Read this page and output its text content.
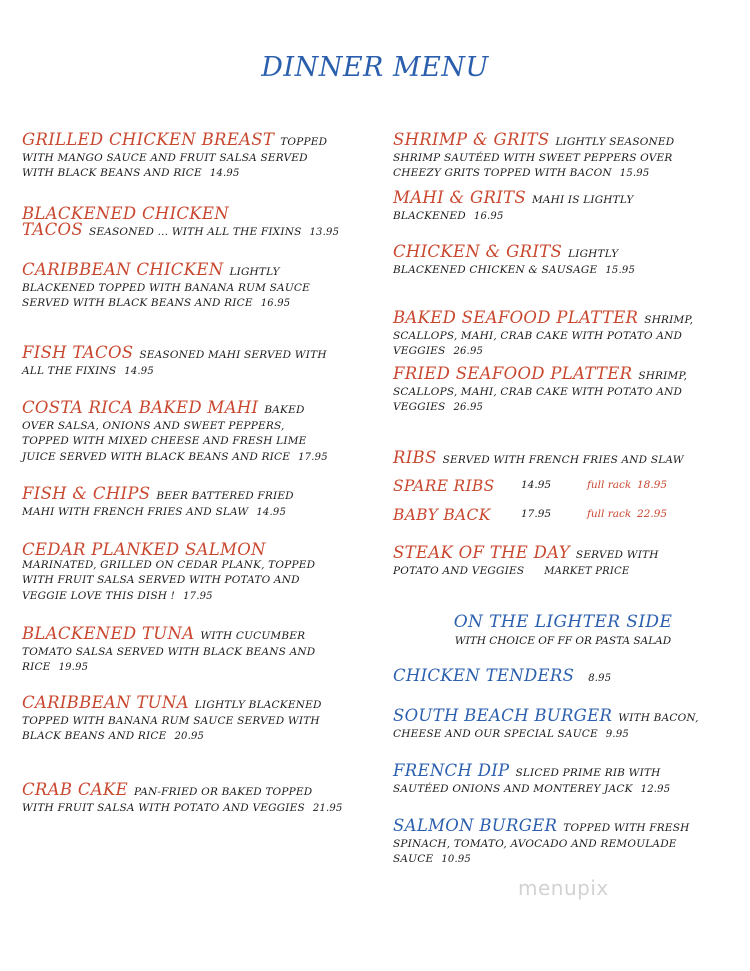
DINNER MENU
GRILLED CHICKEN BREAST TOPPED
WITH MANGO SAUCE AND FRUIT SALSA SERVED
WITH BLACK BEANS AND RICE 14.95
BLACKENED CHICKEN TACOS SEASONED ... WITH ALL THE FIXINS 13.95
CARIBBEAN CHICKEN LIGHTLY
BLACKENED TOPPED WITH BANANA RUM SAUCE
SERVED WITH BLACK BEANS AND RICE 16.95
FISH TACOS SEASONED MAHI SERVED WITH
ALL THE FIXINS 14.95
COSTA RICA BAKED MAHI BAKED
OVER SALSA, ONIONS AND SWEET PEPPERS,
TOPPED WITH MIXED CHEESE AND FRESH LIME
JUICE SERVED WITH BLACK BEANS AND RICE 17.95
FISH & CHIPS BEER BATTERED FRIED
MAHI WITH FRENCH FRIES AND SLAW 14.95
CEDAR PLANKED SALMON
MARINATED, GRILLED ON CEDAR PLANK, TOPPED
WITH FRUIT SALSA SERVED WITH POTATO AND
VEGGIE LOVE THIS DISH ! 17.95
BLACKENED TUNA WITH CUCUMBER
TOMATO SALSA SERVED WITH BLACK BEANS AND
RICE 19.95
CARIBBEAN TUNA LIGHTLY BLACKENED
TOPPED WITH BANANA RUM SAUCE SERVED WITH
BLACK BEANS AND RICE 20.95
CRAB CAKE PAN-FRIED OR BAKED TOPPED
WITH FRUIT SALSA WITH POTATO AND VEGGIES 21.95
SHRIMP & GRITS LIGHTLY SEASONED
SHRIMP SAUTÉED WITH SWEET PEPPERS OVER
CHEEZY GRITS TOPPED WITH BACON 15.95
MAHI & GRITS MAHI IS LIGHTLY
BLACKENED 16.95
CHICKEN & GRITS LIGHTLY
BLACKENED CHICKEN & SAUSAGE 15.95
BAKED SEAFOOD PLATTER SHRIMP,
SCALLOPS, MAHI, CRAB CAKE WITH POTATO AND
VEGGIES 26.95
FRIED SEAFOOD PLATTER SHRIMP,
SCALLOPS, MAHI, CRAB CAKE WITH POTATO AND
VEGGIES 26.95
RIBS SERVED WITH FRENCH FRIES AND SLAW
SPARE RIBS	14.95	full rack 18.95
BABY BACK	17.95	full rack 22.95
STEAK OF THE DAY SERVED WITH
POTATO AND VEGGIES MARKET PRICE
ON THE LIGHTER SIDE
WITH CHOICE OF FF OR PASTA SALAD
CHICKEN TENDERS 8.95
SOUTH BEACH BURGER WITH BACON,
CHEESE AND OUR SPECIAL SAUCE 9.95
FRENCH DIP SLICED PRIME RIB WITH
SAUTÉED ONIONS AND MONTEREY JACK 12.95
SALMON BURGER TOPPED WITH FRESH
SPINACH, TOMATO, AVOCADO AND REMOULADE
SAUCE 10.95
menupix
